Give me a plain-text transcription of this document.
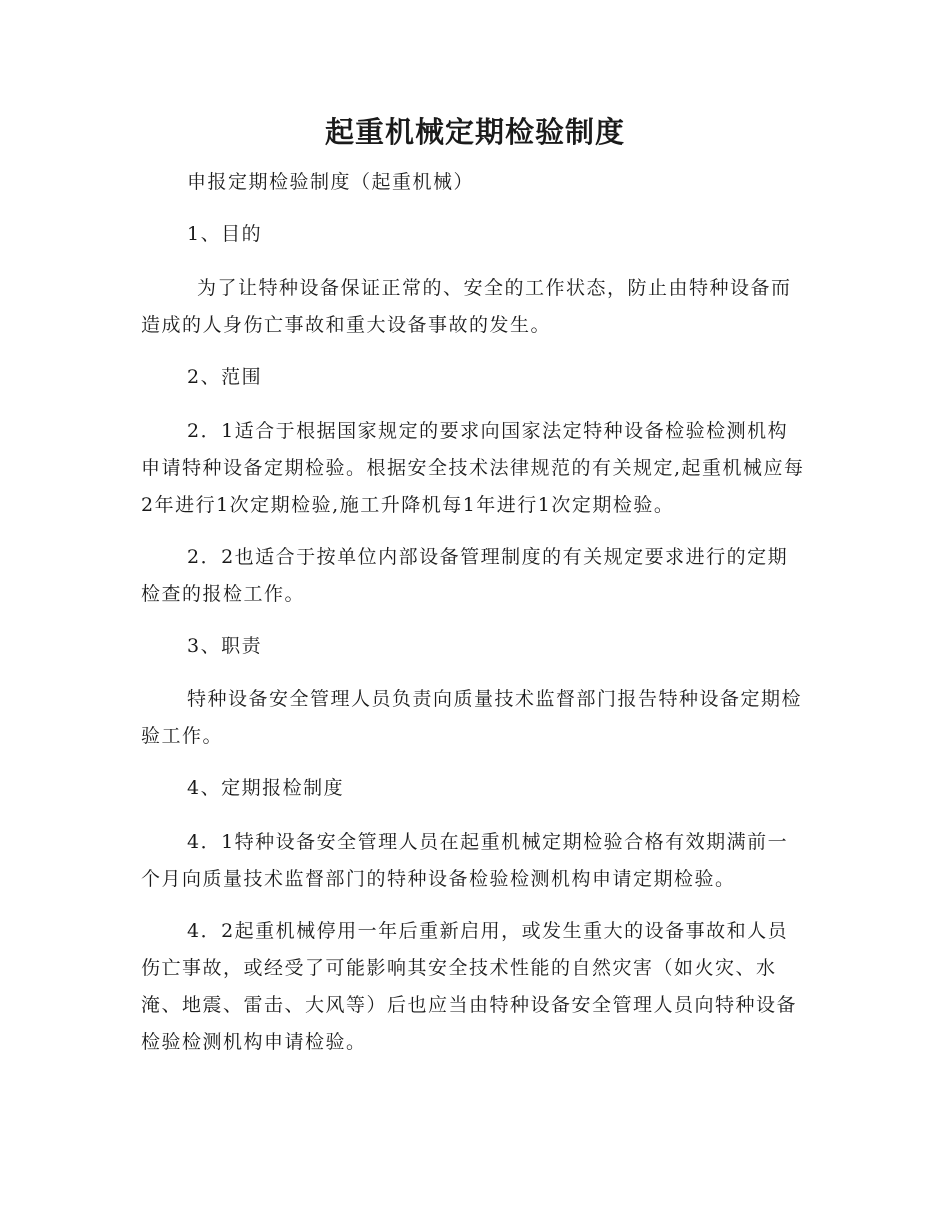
起重机械定期检验制度

申报定期检验制度（起重机械）

1、目的

为了让特种设备保证正常的、安全的工作状态，防止由特种设备而造成的人身伤亡事故和重大设备事故的发生。

2、范围

2．1适合于根据国家规定的要求向国家法定特种设备检验检测机构申请特种设备定期检验。根据安全技术法律规范的有关规定,起重机械应每2年进行1次定期检验,施工升降机每1年进行1次定期检验。

2．2也适合于按单位内部设备管理制度的有关规定要求进行的定期检查的报检工作。

3、职责

特种设备安全管理人员负责向质量技术监督部门报告特种设备定期检验工作。

4、定期报检制度

4．1特种设备安全管理人员在起重机械定期检验合格有效期满前一个月向质量技术监督部门的特种设备检验检测机构申请定期检验。

4．2起重机械停用一年后重新启用，或发生重大的设备事故和人员伤亡事故，或经受了可能影响其安全技术性能的自然灾害（如火灾、水淹、地震、雷击、大风等）后也应当由特种设备安全管理人员向特种设备检验检测机构申请检验。
